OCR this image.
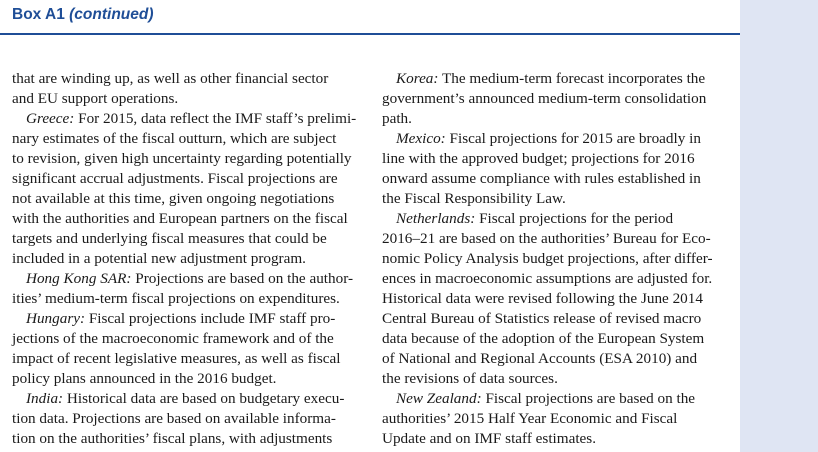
Box A1 (continued)
that are winding up, as well as other financial sector
and EU support operations.
Greece: For 2015, data reflect the IMF staff’s prelimi-
nary estimates of the fiscal outturn, which are subject
to revision, given high uncertainty regarding potentially
significant accrual adjustments. Fiscal projections are
not available at this time, given ongoing negotiations
with the authorities and European partners on the fiscal
targets and underlying fiscal measures that could be
included in a potential new adjustment program.
Hong Kong SAR: Projections are based on the author-
ities’ medium-term fiscal projections on expenditures.
Hungary: Fiscal projections include IMF staff pro-
jections of the macroeconomic framework and of the
impact of recent legislative measures, as well as fiscal
policy plans announced in the 2016 budget.
India: Historical data are based on budgetary execu-
tion data. Projections are based on available informa-
tion on the authorities’ fiscal plans, with adjustments
Korea: The medium-term forecast incorporates the
government’s announced medium-term consolidation
path.
Mexico: Fiscal projections for 2015 are broadly in
line with the approved budget; projections for 2016
onward assume compliance with rules established in
the Fiscal Responsibility Law.
Netherlands: Fiscal projections for the period
2016–21 are based on the authorities’ Bureau for Eco-
nomic Policy Analysis budget projections, after differ-
ences in macroeconomic assumptions are adjusted for.
Historical data were revised following the June 2014
Central Bureau of Statistics release of revised macro
data because of the adoption of the European System
of National and Regional Accounts (ESA 2010) and
the revisions of data sources.
New Zealand: Fiscal projections are based on the
authorities’ 2015 Half Year Economic and Fiscal
Update and on IMF staff estimates.
